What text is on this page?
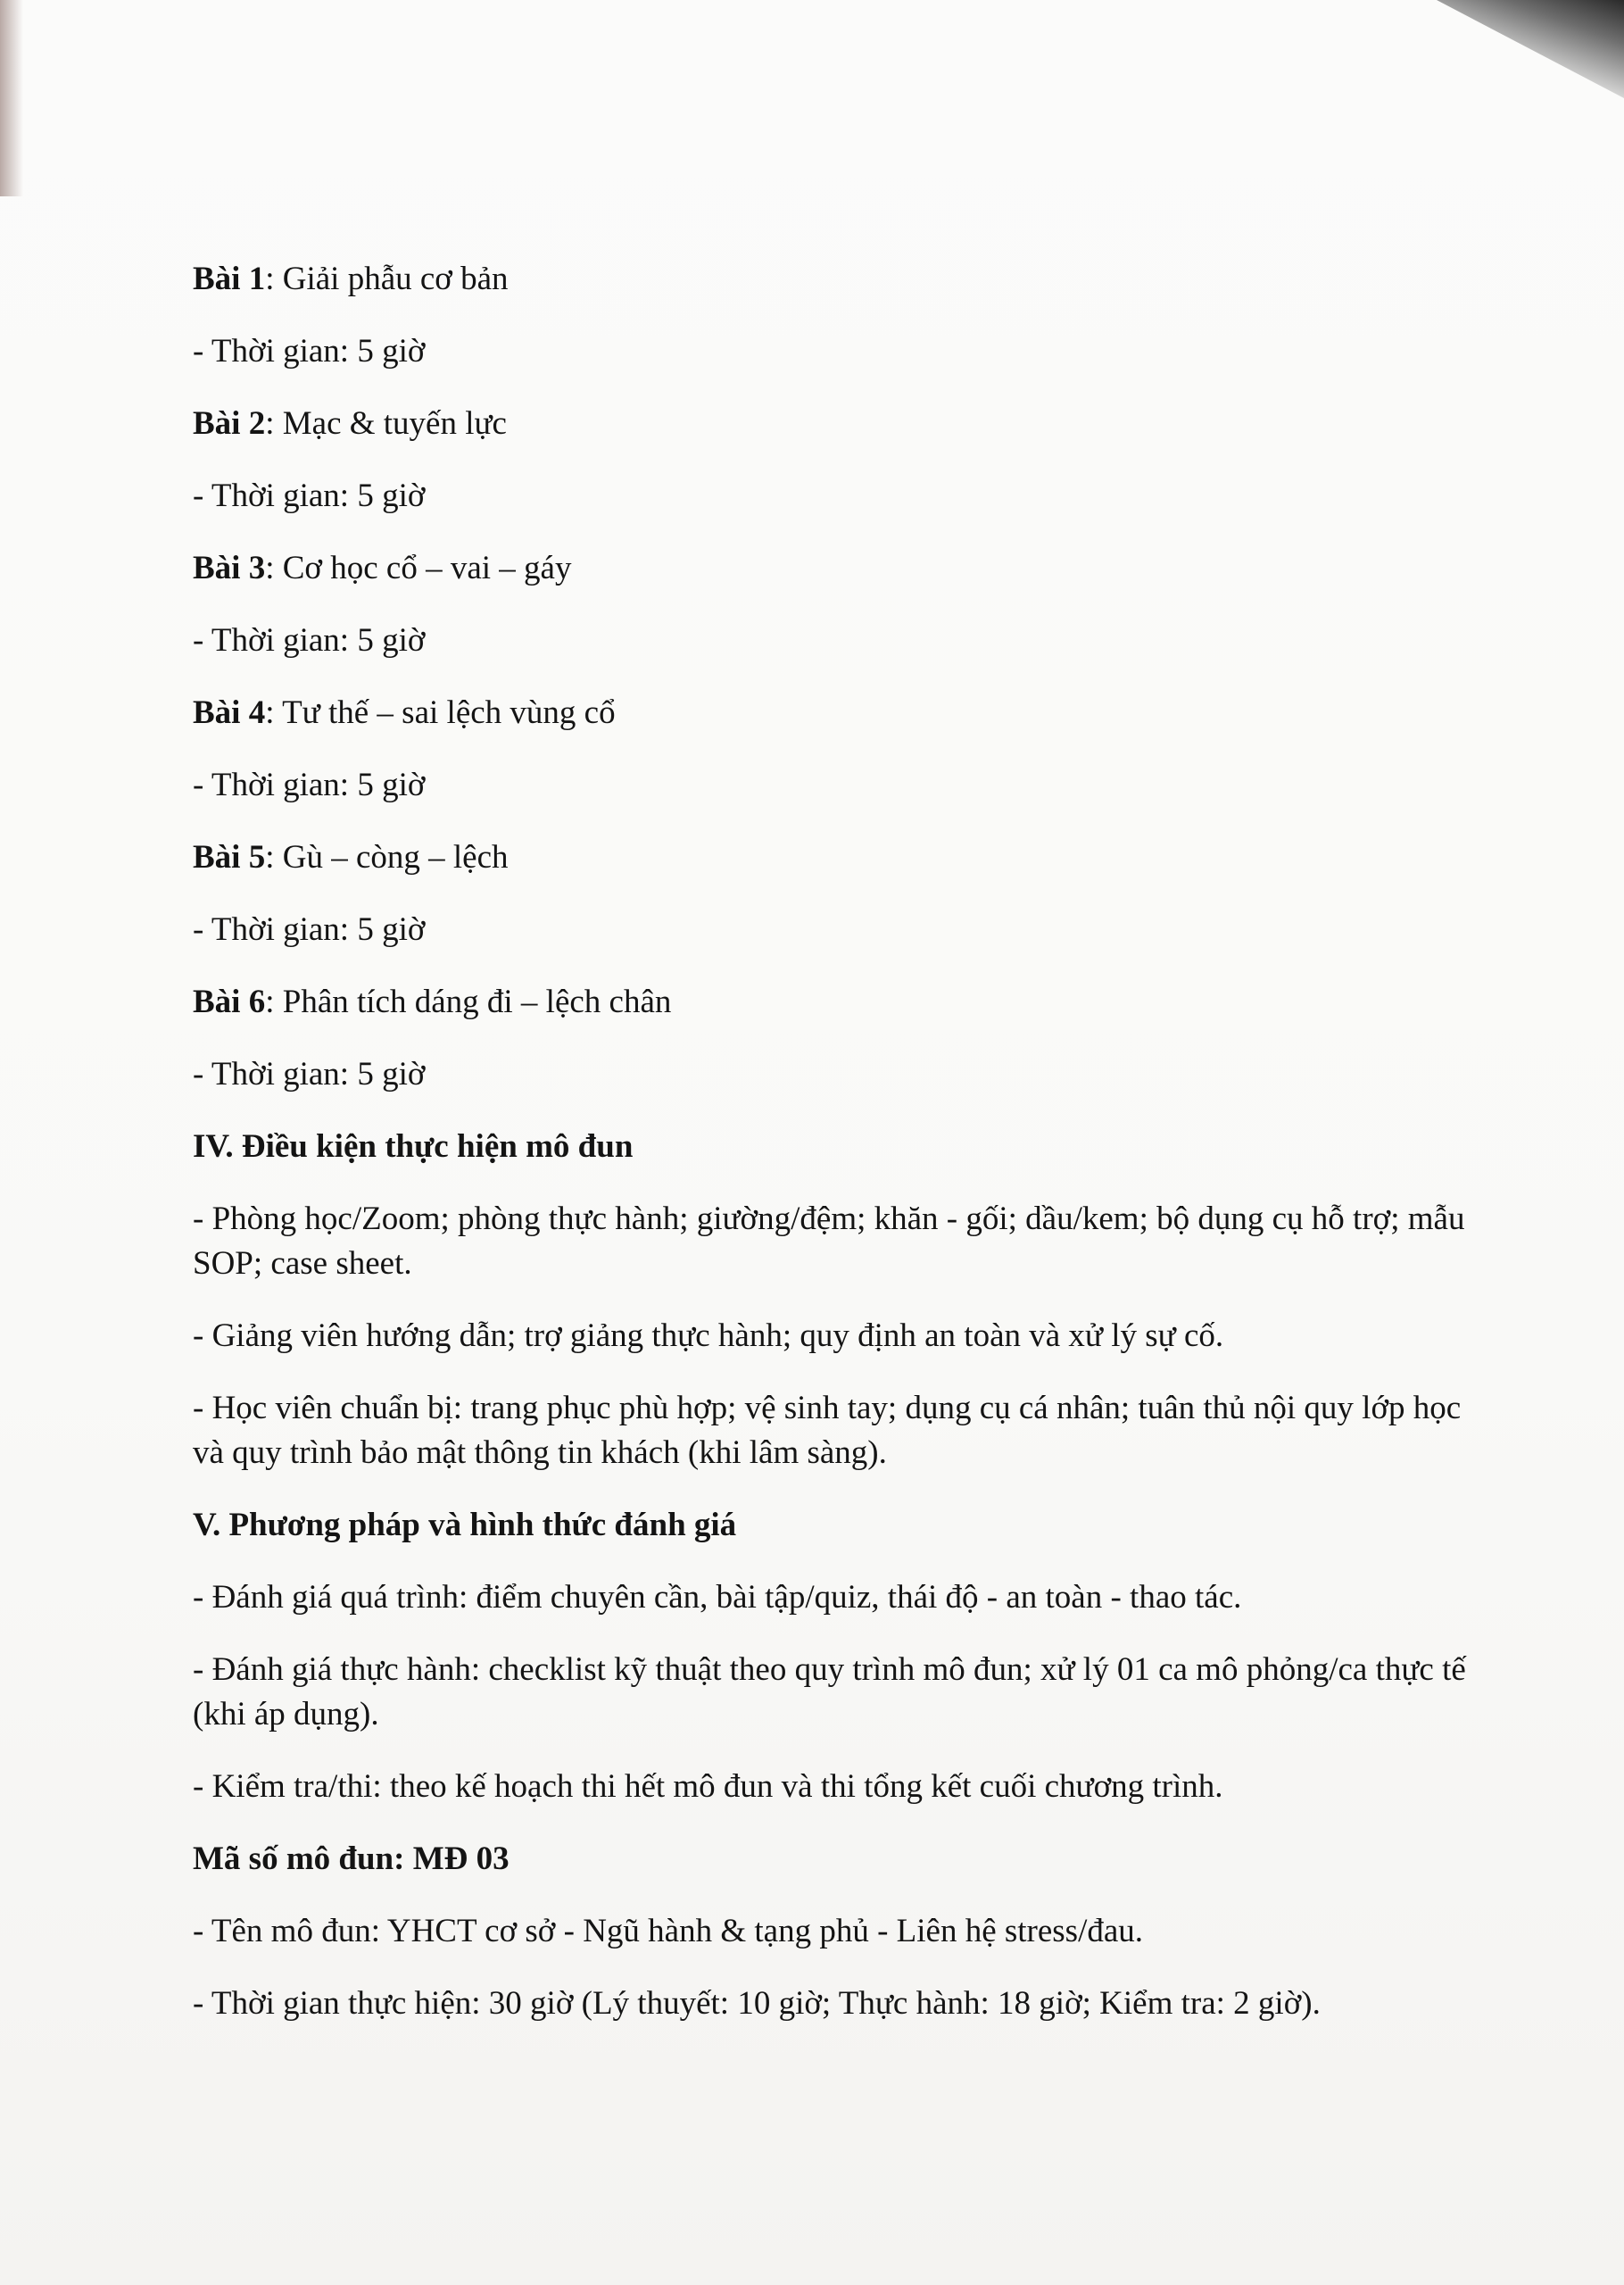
Bài 1: Giải phẫu cơ bản
- Thời gian: 5 giờ
Bài 2: Mạc & tuyến lực
- Thời gian: 5 giờ
Bài 3: Cơ học cổ – vai – gáy
- Thời gian: 5 giờ
Bài 4: Tư thế – sai lệch vùng cổ
- Thời gian: 5 giờ
Bài 5: Gù – còng – lệch
- Thời gian: 5 giờ
Bài 6: Phân tích dáng đi – lệch chân
- Thời gian: 5 giờ
IV. Điều kiện thực hiện mô đun
- Phòng học/Zoom; phòng thực hành; giường/đệm; khăn - gối; dầu/kem; bộ dụng cụ hỗ trợ; mẫu SOP; case sheet.
- Giảng viên hướng dẫn; trợ giảng thực hành; quy định an toàn và xử lý sự cố.
- Học viên chuẩn bị: trang phục phù hợp; vệ sinh tay; dụng cụ cá nhân; tuân thủ nội quy lớp học và quy trình bảo mật thông tin khách (khi lâm sàng).
V. Phương pháp và hình thức đánh giá
- Đánh giá quá trình: điểm chuyên cần, bài tập/quiz, thái độ - an toàn - thao tác.
- Đánh giá thực hành: checklist kỹ thuật theo quy trình mô đun; xử lý 01 ca mô phỏng/ca thực tế (khi áp dụng).
- Kiểm tra/thi: theo kế hoạch thi hết mô đun và thi tổng kết cuối chương trình.
Mã số mô đun: MĐ 03
- Tên mô đun: YHCT cơ sở - Ngũ hành & tạng phủ - Liên hệ stress/đau.
- Thời gian thực hiện: 30 giờ (Lý thuyết: 10 giờ; Thực hành: 18 giờ; Kiểm tra: 2 giờ).
